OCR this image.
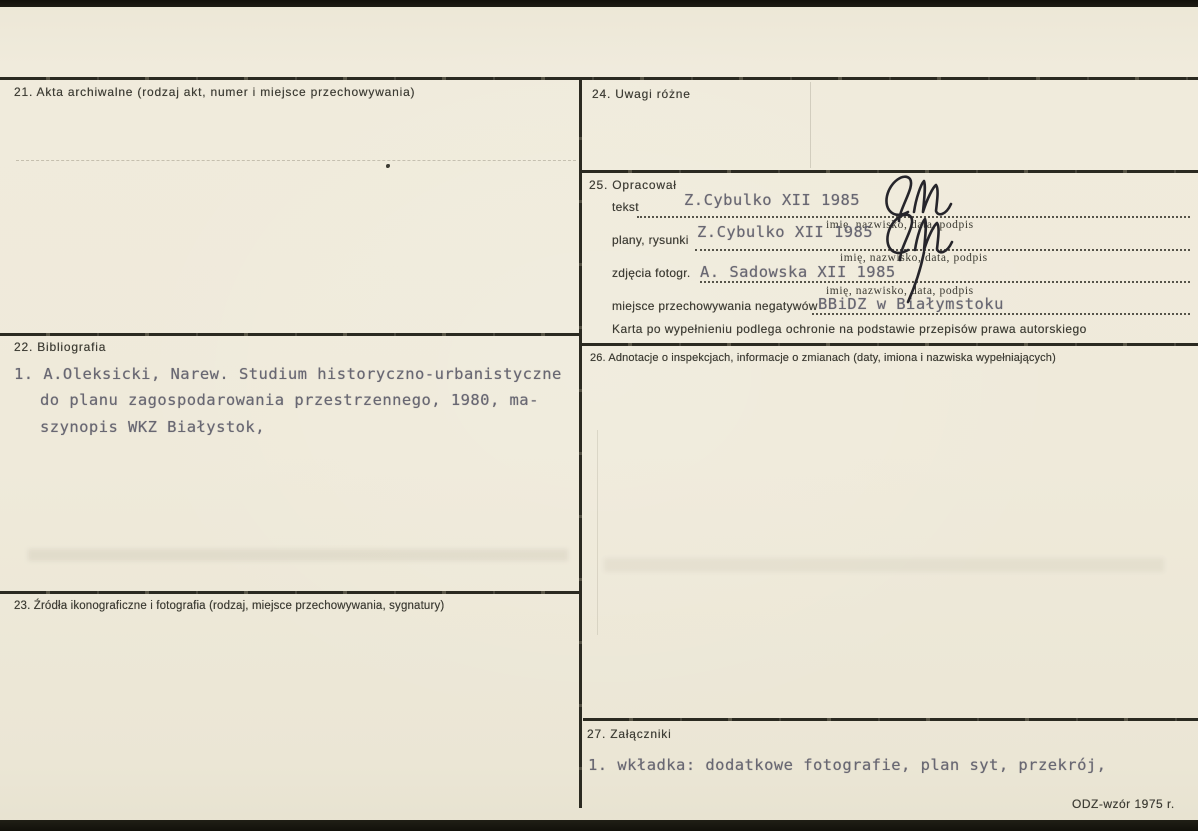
21. Akta archiwalne (rodzaj akt, numer i miejsce przechowywania)
22. Bibliografia
1. A.Oleksicki, Narew. Studium historyczno-urbanistyczne
do planu zagospodarowania przestrzennego, 1980, ma-
szynopis WKZ Białystok,
23. Źródła ikonograficzne i fotografia (rodzaj, miejsce przechowywania, sygnatury)
24. Uwagi różne
25. Opracował
tekst	Z.Cybulko XII 1985
imię, nazwisko, data, podpis
plany, rysunki Z.Cybulko XII 1985
imię, nazwisko, data, podpis
zdjęcia fotogr. A. Sadowska XII 1985
imię, nazwisko, data, podpis
miejsce przechowywania negatywów BBiDZ w Białymstoku
Karta po wypełnieniu podlega ochronie na podstawie przepisów prawa autorskiego
26. Adnotacje o inspekcjach, informacje o zmianach (daty, imiona i nazwiska wypełniających)
27. Załączniki
1. wkładka: dodatkowe fotografie, plan syt, przekrój,
ODZ-wzór 1975 r.
